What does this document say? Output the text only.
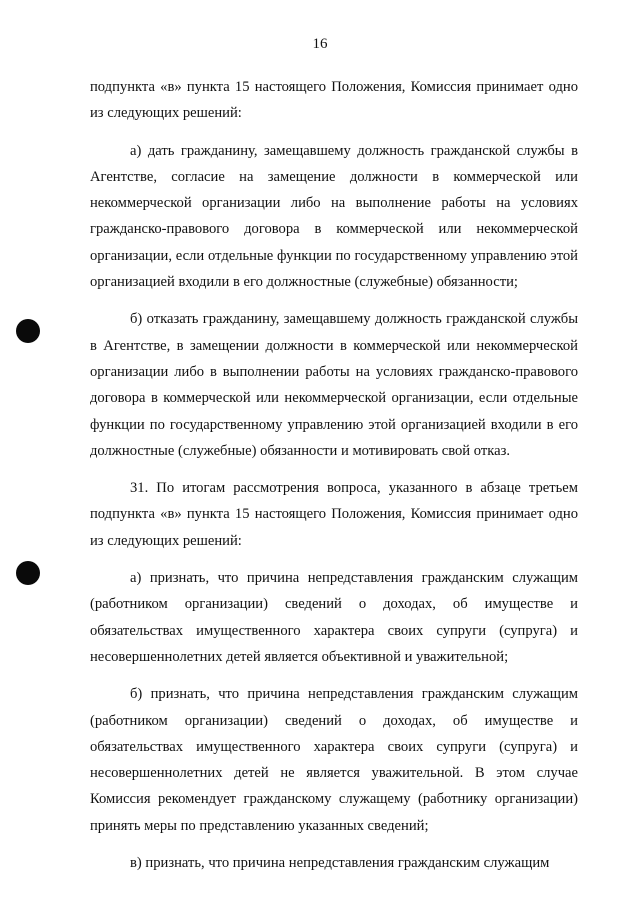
16

подпункта «в» пункта 15 настоящего Положения, Комиссия принимает одно из следующих решений:

а) дать гражданину, замещавшему должность гражданской службы в Агентстве, согласие на замещение должности в коммерческой или некоммерческой организации либо на выполнение работы на условиях гражданско-правового договора в коммерческой или некоммерческой организации, если отдельные функции по государственному управлению этой организацией входили в его должностные (служебные) обязанности;

б) отказать гражданину, замещавшему должность гражданской службы в Агентстве, в замещении должности в коммерческой или некоммерческой организации либо в выполнении работы на условиях гражданско-правового договора в коммерческой или некоммерческой организации, если отдельные функции по государственному управлению этой организацией входили в его должностные (служебные) обязанности и мотивировать свой отказ.

31. По итогам рассмотрения вопроса, указанного в абзаце третьем подпункта «в» пункта 15 настоящего Положения, Комиссия принимает одно из следующих решений:

а) признать, что причина непредставления гражданским служащим (работником организации) сведений о доходах, об имуществе и обязательствах имущественного характера своих супруги (супруга) и несовершеннолетних детей является объективной и уважительной;

б) признать, что причина непредставления гражданским служащим (работником организации) сведений о доходах, об имуществе и обязательствах имущественного характера своих супруги (супруга) и несовершеннолетних детей не является уважительной. В этом случае Комиссия рекомендует гражданскому служащему (работнику организации) принять меры по представлению указанных сведений;

в) признать, что причина непредставления гражданским служащим
